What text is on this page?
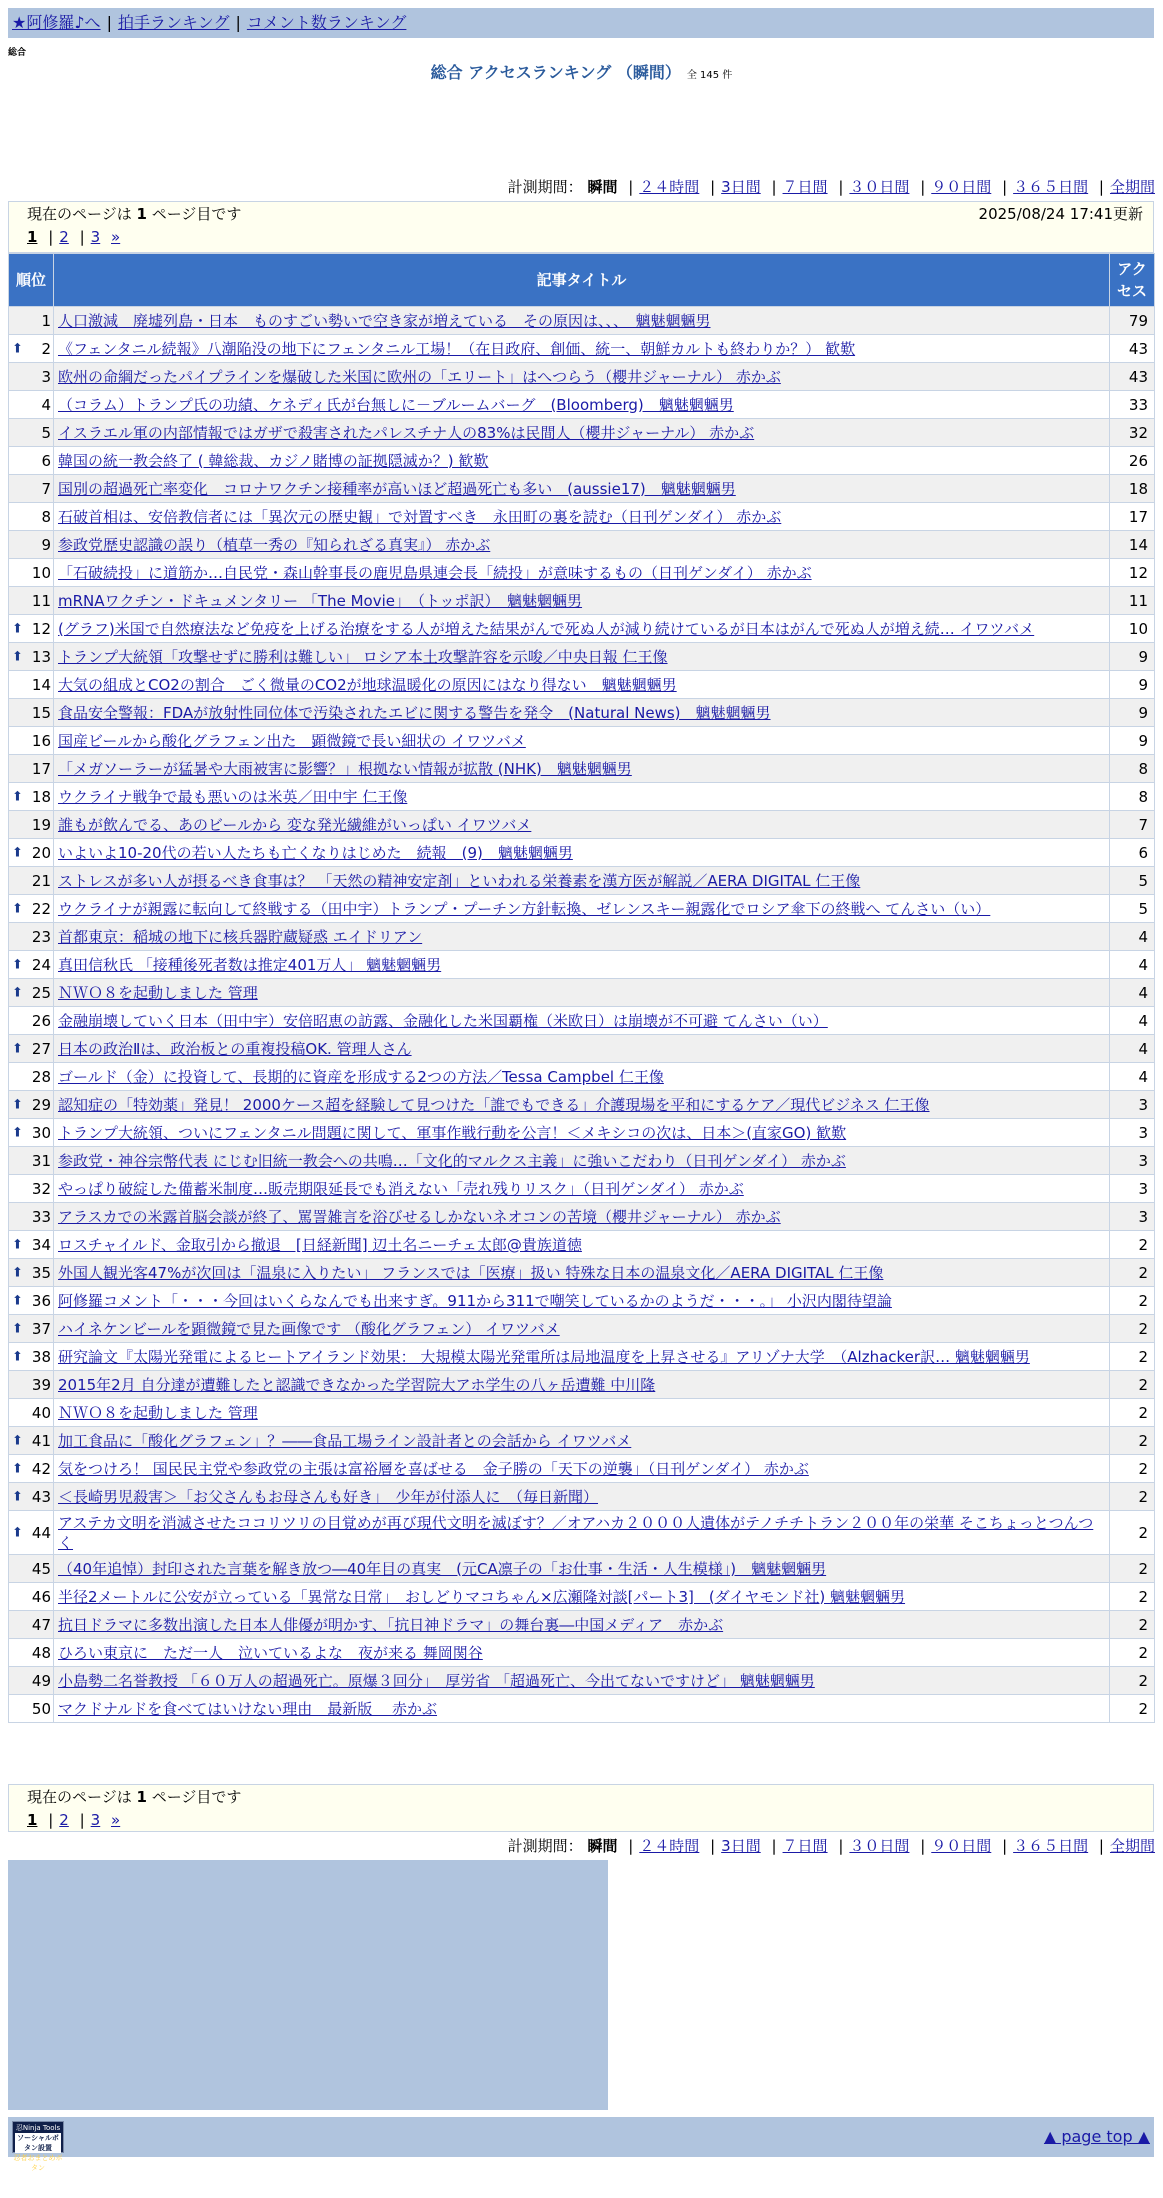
★阿修羅♪へ | 拍手ランキング | コメント数ランキング
総合
総合 アクセスランキング （瞬間） 全 145 件
計測期間： 瞬間 | ２４時間 | 3日間 | ７日間 | ３０日間 | ９０日間 | ３６５日間 | 全期間
現在のページは 1 ページ目です	2025/08/24 17:41更新
1 | 2 | 3 »
順位	記事タイトル	アクセス
1	人口激減　廃墟列島・日本　ものすごい勢いで空き家が増えている　その原因は、、、　魑魅魍魎男	79

⬆ 2	《フェンタニル続報》八潮陥没の地下にフェンタニル工場！（在日政府、創価、統一、朝鮮カルトも終わりか？） 歓歎	43
3	欧州の命綱だったパイプラインを爆破した米国に欧州の「エリート」はへつらう（櫻井ジャーナル） 赤かぶ	43
4	（コラム）トランプ氏の功績、ケネディ氏が台無しに－ブルームバーグ　(Bloomberg)　魑魅魍魎男	33
5	イスラエル軍の内部情報ではガザで殺害されたパレスチナ人の83%は民間人（櫻井ジャーナル） 赤かぶ	32
6	韓国の統一教会終了 ( 韓総裁、カジノ賭博の証拠隠滅か？) 歓歎	26
7	国別の超過死亡率変化　コロナワクチン接種率が高いほど超過死亡も多い　(aussie17)　魑魅魍魎男	18
8	石破首相は、安倍教信者には「異次元の歴史観」で対置すべき　永田町の裏を読む（日刊ゲンダイ） 赤かぶ	17
9	参政党歴史認識の誤り（植草一秀の『知られざる真実』） 赤かぶ	14
10	「石破続投」に道筋か…自民党・森山幹事長の鹿児島県連会長「続投」が意味するもの（日刊ゲンダイ） 赤かぶ	12
11	mRNAワクチン・ドキュメンタリー 「The Movie」　（トッポ訳）　魑魅魍魎男	11

⬆ 12	(グラフ)米国で自然療法など免疫を上げる治療をする人が増えた結果がんで死ぬ人が減り続けているが日本はがんで死ぬ人が増え続… イワツバメ	10

⬆ 13	トランプ大統領「攻撃せずに勝利は難しい」 ロシア本土攻撃許容を示唆／中央日報 仁王像	9
14	大気の組成とCO2の割合　ごく微量のCO2が地球温暖化の原因にはなり得ない　魑魅魍魎男	9
15	食品安全警報：FDAが放射性同位体で汚染されたエビに関する警告を発令　(Natural News)　魑魅魍魎男	9
16	国産ビールから酸化グラフェン出た　顕微鏡で長い細状の イワツバメ	9
17	「メガソーラーが猛暑や大雨被害に影響？」根拠ない情報が拡散 (NHK)　魑魅魍魎男	8

⬆ 18	ウクライナ戦争で最も悪いのは米英／田中宇 仁王像	8
19	誰もが飲んでる、あのビールから 変な発光繊維がいっぱい イワツバメ	7

⬆ 20	いよいよ10-20代の若い人たちも亡くなりはじめた　続報　(9)　魑魅魍魎男	6
21	ストレスが多い人が摂るべき食事は？ 「天然の精神安定剤」といわれる栄養素を漢方医が解説／AERA DIGITAL 仁王像	5

⬆ 22	ウクライナが親露に転向して終戦する（田中宇）トランプ・プーチン方針転換、ゼレンスキー親露化でロシア傘下の終戦へ てんさい（い）	5
23	首都東京：稲城の地下に核兵器貯蔵疑惑 エイドリアン	4

⬆ 24	真田信秋氏 「接種後死者数は推定401万人」 魑魅魍魎男	4

⬆ 25	ＮＷＯ８を起動しました 管理	4
26	金融崩壊していく日本（田中宇）安倍昭恵の訪露、金融化した米国覇権（米欧日）は崩壊が不可避 てんさい（い）	4

⬆ 27	日本の政治Ⅱは、政治板との重複投稿OK. 管理人さん	4
28	ゴールド（金）に投資して、長期的に資産を形成する2つの方法／Tessa Campbel 仁王像	4

⬆ 29	認知症の「特効薬」発見！ 2000ケース超を経験して見つけた「誰でもできる」介護現場を平和にするケア／現代ビジネス 仁王像	3

⬆ 30	トランプ大統領、ついにフェンタニル問題に関して、軍事作戦行動を公言！＜メキシコの次は、日本＞(直家GO) 歓歎	3
31	参政党・神谷宗幣代表 にじむ旧統一教会への共鳴…「文化的マルクス主義」に強いこだわり（日刊ゲンダイ） 赤かぶ	3
32	やっぱり破綻した備蓄米制度…販売期限延長でも消えない「売れ残りリスク」（日刊ゲンダイ） 赤かぶ	3
33	アラスカでの米露首脳会談が終了、罵詈雑言を浴びせるしかないネオコンの苦境（櫻井ジャーナル） 赤かぶ	3

⬆ 34	ロスチャイルド、金取引から撤退　[日経新聞] 辺土名ニーチェ太郎@貴族道徳	2

⬆ 35	外国人観光客47%が次回は「温泉に入りたい」 フランスでは「医療」扱い 特殊な日本の温泉文化／AERA DIGITAL 仁王像	2

⬆ 36	阿修羅コメント「・・・今回はいくらなんでも出来すぎ。911から311で嘲笑しているかのようだ・・・。」 小沢内閣待望論	2

⬆ 37	ハイネケンビールを顕微鏡で見た画像です （酸化グラフェン） イワツバメ	2

⬆ 38	研究論文『太陽光発電によるヒートアイランド効果： 大規模太陽光発電所は局地温度を上昇させる』アリゾナ大学　（Alzhacker訳… 魑魅魍魎男	2
39	2015年2月 自分達が遭難したと認識できなかった学習院大アホ学生の八ヶ岳遭難 中川隆	2
40	ＮＷＯ８を起動しました 管理	2

⬆ 41	加工食品に「酸化グラフェン」？――食品工場ライン設計者との会話から イワツバメ	2

⬆ 42	気をつけろ！ 国民民主党や参政党の主張は富裕層を喜ばせる　金子勝の「天下の逆襲」（日刊ゲンダイ） 赤かぶ	2

⬆ 43	＜長崎男児殺害＞「お父さんもお母さんも好き」　少年が付添人に　（毎日新聞）	2

⬆ 44	アステカ文明を消滅させたココリツリの目覚めが再び現代文明を滅ぼす？／オアハカ２０００人遺体がテノチチトラン２００年の栄華 そこちょっとつんつく	2
45	（40年追悼）封印された言葉を解き放つ―40年目の真実　(元CA凛子の「お仕事・生活・人生模様」)　魑魅魍魎男	2
46	半径2メートルに公安が立っている「異常な日常」　おしどりマコちゃん×広瀬隆対談[パート3]　(ダイヤモンド社) 魑魅魍魎男	2
47	抗日ドラマに多数出演した日本人俳優が明かす、「抗日神ドラマ」の舞台裏―中国メディア　赤かぶ	2
48	ひろい東京に　ただ一人　泣いているよな　夜が来る 舞岡関谷	2
49	小島勢二名誉教授 「６０万人の超過死亡。原爆３回分」　厚労省 「超過死亡、今出てないですけど」 魑魅魍魎男	2
50	マクドナルドを食べてはいけない理由　最新版　 赤かぶ	2
現在のページは 1 ページ目です
1 | 2 | 3 »
計測期間： 瞬間 | ２４時間 | 3日間 | ７日間 | ３０日間 | ９０日間 | ３６５日間 | 全期間
忍Ninja Tools
ソーシャルボタン設置
忍者おまとめボタン
▲ page top ▲
